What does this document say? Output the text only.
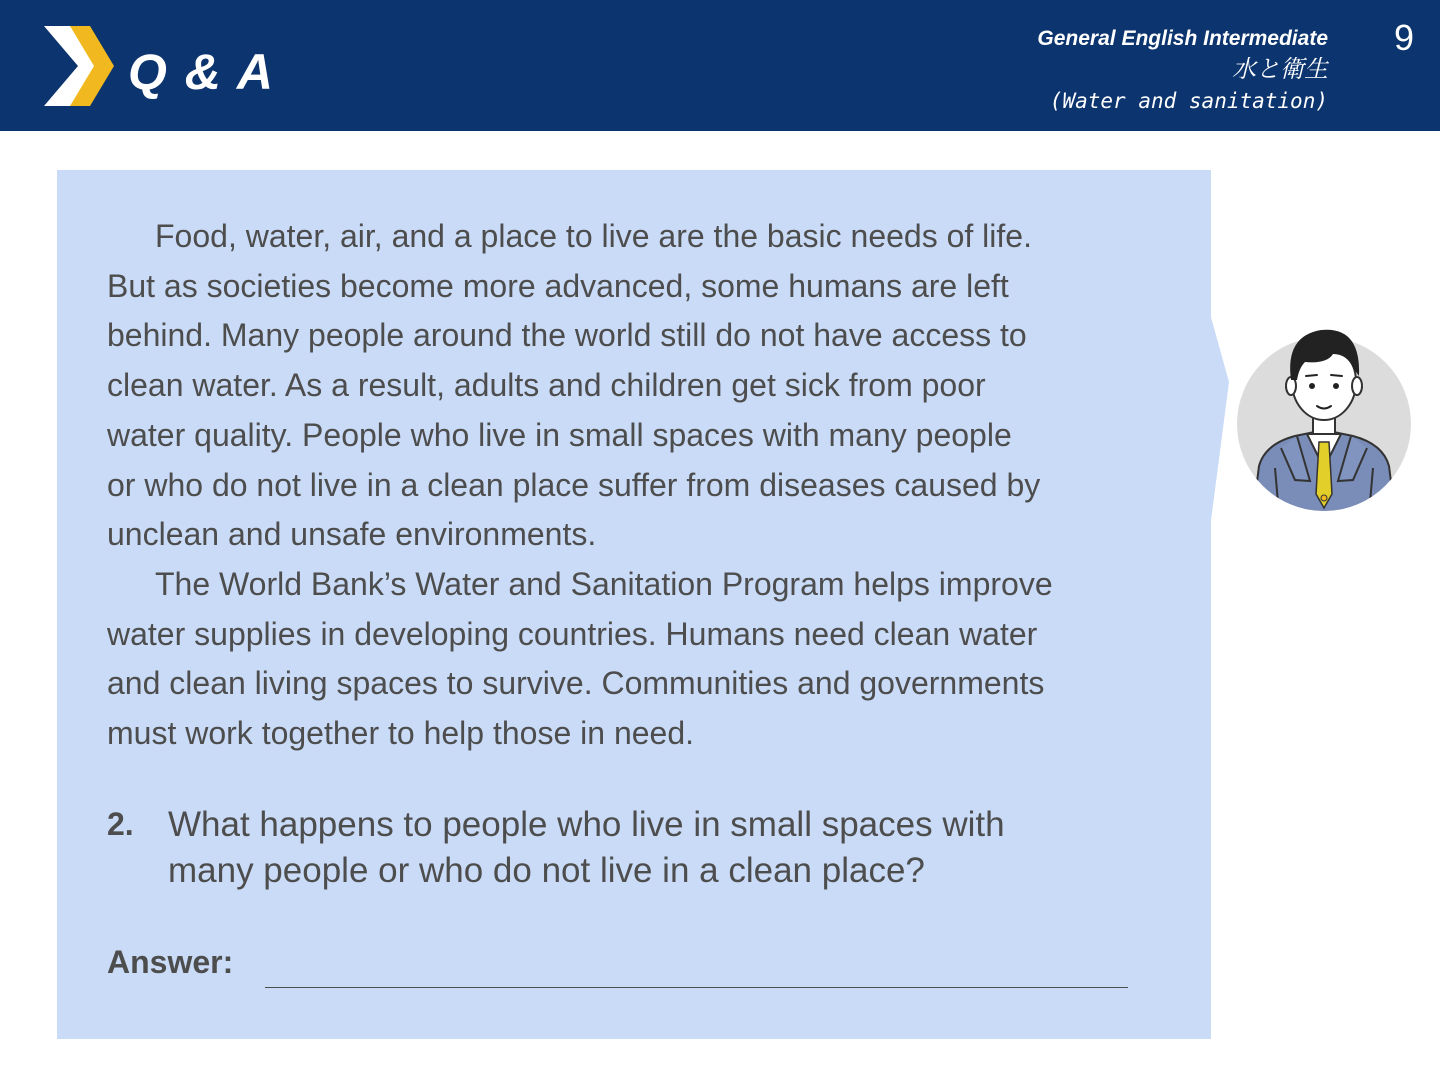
Q & A
General English Intermediate
水と衛生
(Water and sanitation)
9

Food, water, air, and a place to live are the basic needs of life.
But as societies become more advanced, some humans are left
behind. Many people around the world still do not have access to
clean water. As a result, adults and children get sick from poor
water quality. People who live in small spaces with many people
or who do not live in a clean place suffer from diseases caused by
unclean and unsafe environments.

The World Bank’s Water and Sanitation Program helps improve
water supplies in developing countries. Humans need clean water
and clean living spaces to survive. Communities and governments
must work together to help those in need.

2. What happens to people who live in small spaces with
many people or who do not live in a clean place?
Answer:
